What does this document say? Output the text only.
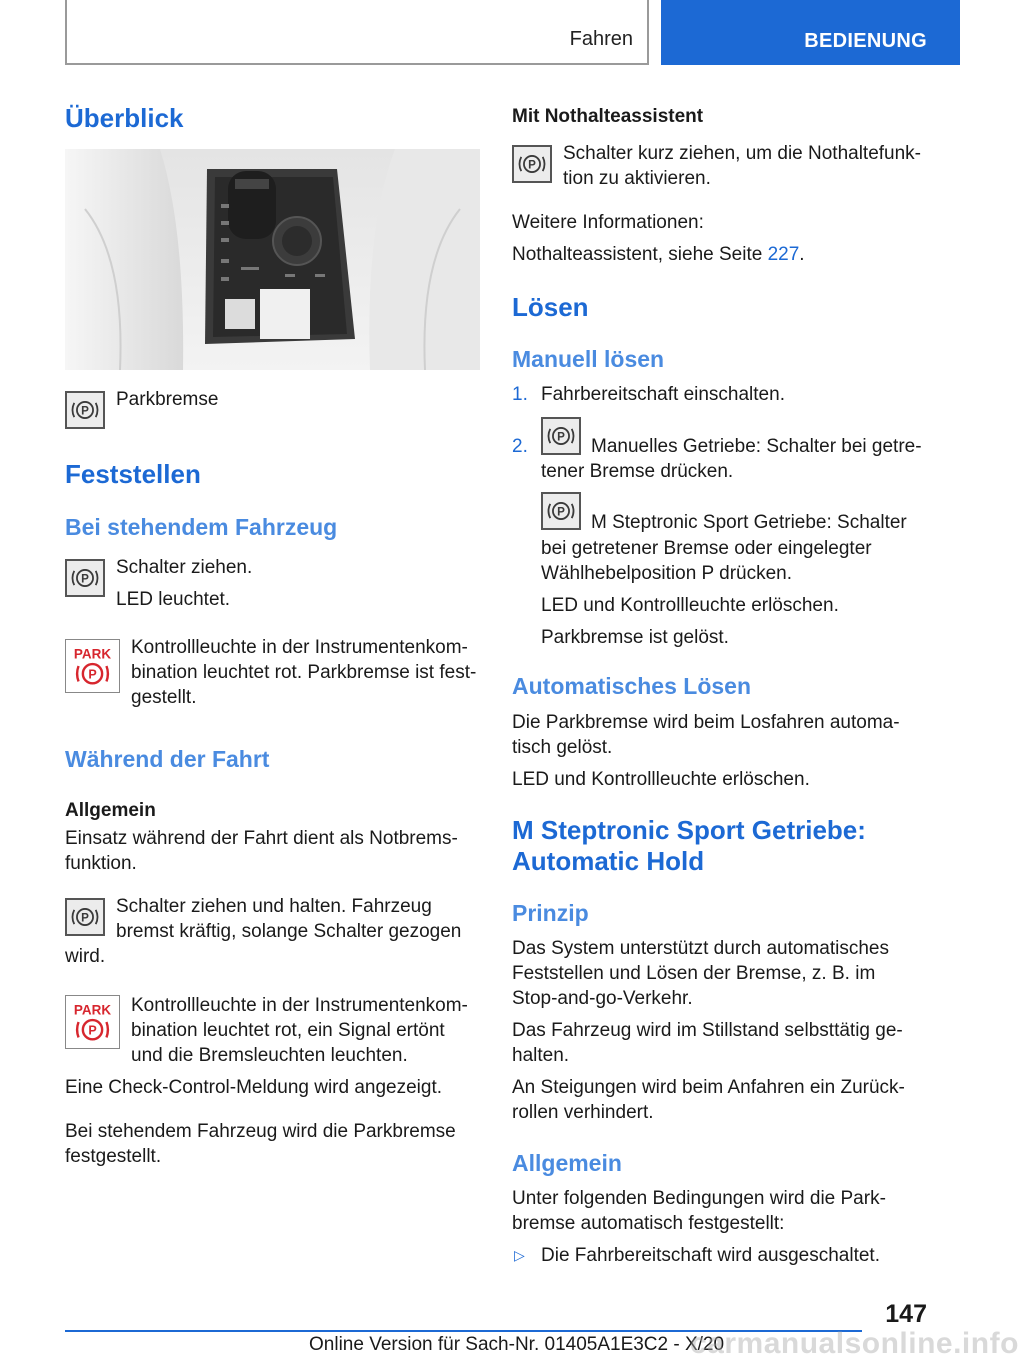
Fahren	BEDIENUNG
Überblick
P
Parkbremse
Feststellen
Bei stehendem Fahrzeug
P
Schalter ziehen.
LED leuchtet.
PARK
P
Kontrollleuchte in der Instrumentenkom-
bination leuchtet rot. Parkbremse ist fest-
gestellt.
Während der Fahrt
Allgemein
Einsatz während der Fahrt dient als Notbrems-
funktion.
P
Schalter ziehen und halten. Fahrzeug
bremst kräftig, solange Schalter gezogen
wird.
PARK
P
Kontrollleuchte in der Instrumentenkom-
bination leuchtet rot, ein Signal ertönt
und die Bremsleuchten leuchten.
Eine Check-Control-Meldung wird angezeigt.
Bei stehendem Fahrzeug wird die Parkbremse
festgestellt.
Mit Nothalteassistent
P
Schalter kurz ziehen, um die Nothaltefunk-
tion zu aktivieren.
Weitere Informationen:
Nothalteassistent, siehe Seite 227.
Lösen
Manuell lösen
1. Fahrbereitschaft einschalten.
2. P Manuelles Getriebe: Schalter bei getre-
tener Bremse drücken.
P
M Steptronic Sport Getriebe: Schalter
bei getretener Bremse oder eingelegter
Wählhebelposition P drücken.
LED und Kontrollleuchte erlöschen.
Parkbremse ist gelöst.
Automatisches Lösen
Die Parkbremse wird beim Losfahren automa-
tisch gelöst.
LED und Kontrollleuchte erlöschen.
M Steptronic Sport Getriebe:
Automatic Hold
Prinzip
Das System unterstützt durch automatisches
Feststellen und Lösen der Bremse, z. B. im
Stop-and-go-Verkehr.
Das Fahrzeug wird im Stillstand selbsttätig ge-
halten.
An Steigungen wird beim Anfahren ein Zurück-
rollen verhindert.
Allgemein
Unter folgenden Bedingungen wird die Park-
bremse automatisch festgestellt:
▷ Die Fahrbereitschaft wird ausgeschaltet.
147
Online Version für Sach-Nr. 01405A1E3C2 - X/20
carmanualsonline.info
